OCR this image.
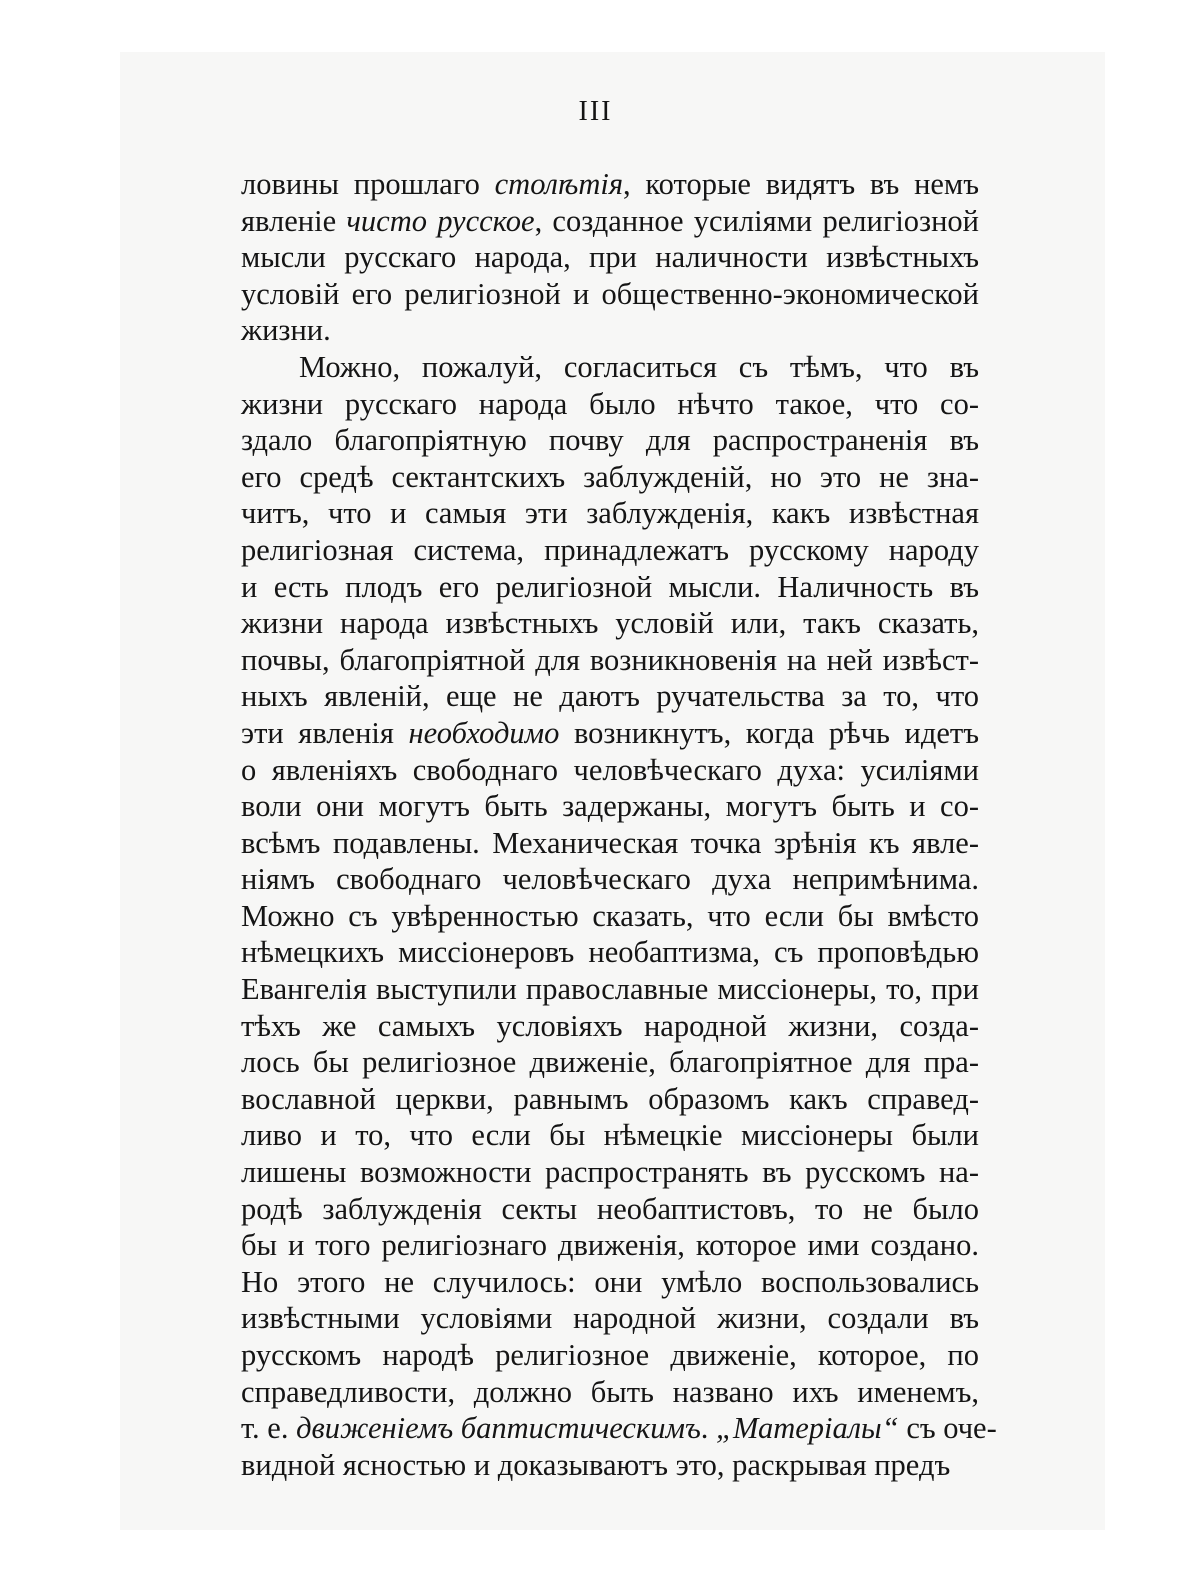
III
ловины прошлаго столѣтія, которые видятъ въ немъ
явленіе чисто русское, созданное усиліями религіозной
мысли русскаго народа, при наличности извѣстныхъ
условій его религіозной и общественно-экономической
жизни.
Можно, пожалуй, согласиться съ тѣмъ, что въ
жизни русскаго народа было нѣчто такое, что со-
здало благопріятную почву для распространенія въ
его средѣ сектантскихъ заблужденій, но это не зна-
читъ, что и самыя эти заблужденія, какъ извѣстная
религіозная система, принадлежатъ русскому народу
и есть плодъ его религіозной мысли. Наличность въ
жизни народа извѣстныхъ условій или, такъ сказать,
почвы, благопріятной для возникновенія на ней извѣст-
ныхъ явленій, еще не даютъ ручательства за то, что
эти явленія необходимо возникнутъ, когда рѣчь идетъ
о явленіяхъ свободнаго человѣческаго духа: усиліями
воли они могутъ быть задержаны, могутъ быть и со-
всѣмъ подавлены. Механическая точка зрѣнія къ явле-
ніямъ свободнаго человѣческаго духа непримѣнима.
Можно съ увѣренностью сказать, что если бы вмѣсто
нѣмецкихъ миссіонеровъ необаптизма, съ проповѣдью
Евангелія выступили православные миссіонеры, то, при
тѣхъ же самыхъ условіяхъ народной жизни, созда-
лось бы религіозное движеніе, благопріятное для пра-
вославной церкви, равнымъ образомъ какъ справед-
ливо и то, что если бы нѣмецкіе миссіонеры были
лишены возможности распространять въ русскомъ на-
родѣ заблужденія секты необаптистовъ, то не было
бы и того религіознаго движенія, которое ими создано.
Но этого не случилось: они умѣло воспользовались
извѣстными условіями народной жизни, создали въ
русскомъ народѣ религіозное движеніе, которое, по
справедливости, должно быть названо ихъ именемъ,
т. е. движеніемъ баптистическимъ. „Матеріалы“ съ оче-
видной ясностью и доказываютъ это, раскрывая предъ
